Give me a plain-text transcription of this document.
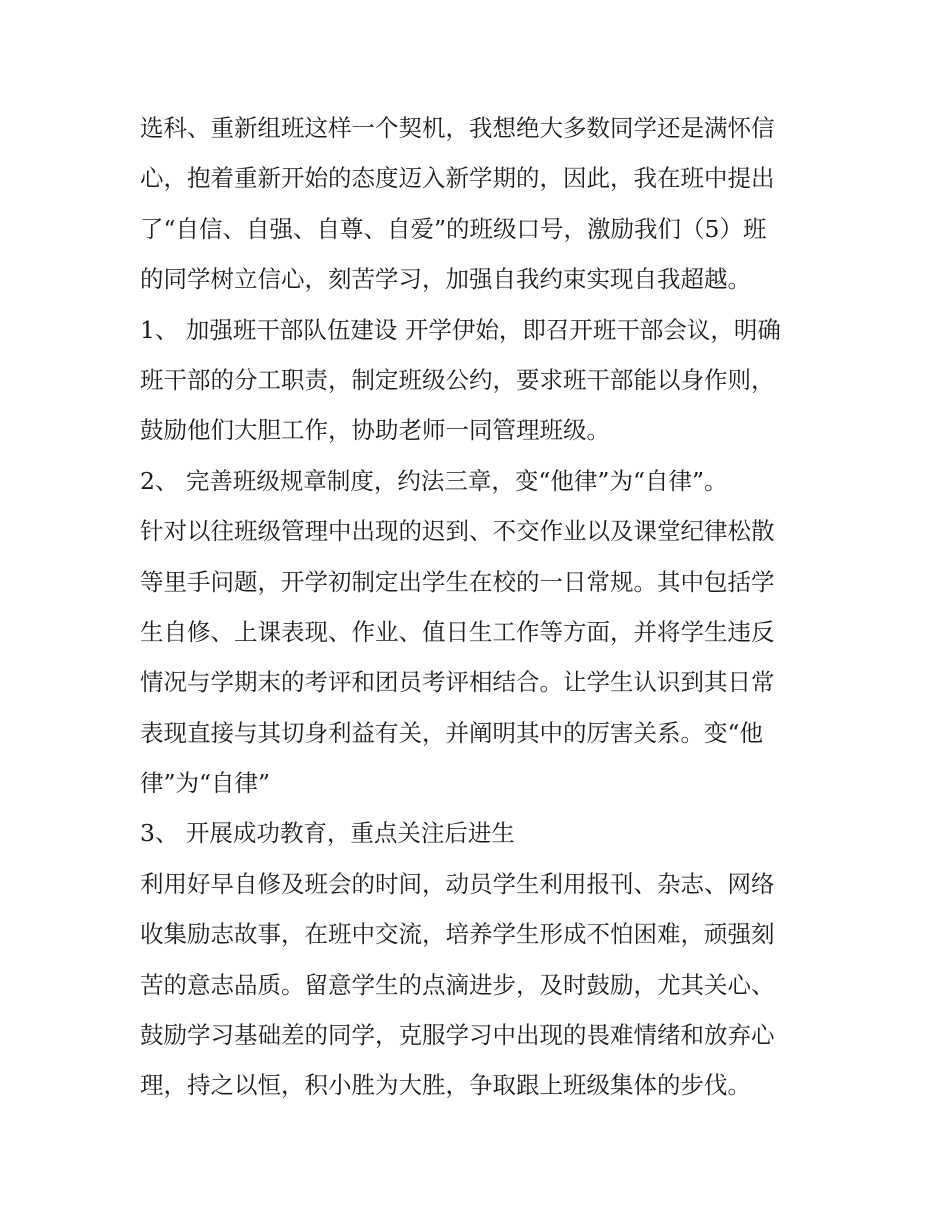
选科、重新组班这样一个契机，我想绝大多数同学还是满怀信
心，抱着重新开始的态度迈入新学期的，因此，我在班中提出
了“自信、自强、自尊、自爱”的班级口号，激励我们（5）班
的同学树立信心，刻苦学习，加强自我约束实现自我超越。
1、 加强班干部队伍建设 开学伊始，即召开班干部会议，明确
班干部的分工职责，制定班级公约，要求班干部能以身作则，
鼓励他们大胆工作，协助老师一同管理班级。
2、 完善班级规章制度，约法三章，变“他律”为“自律”。
针对以往班级管理中出现的迟到、不交作业以及课堂纪律松散
等里手问题，开学初制定出学生在校的一日常规。其中包括学
生自修、上课表现、作业、值日生工作等方面，并将学生违反
情况与学期末的考评和团员考评相结合。让学生认识到其日常
表现直接与其切身利益有关，并阐明其中的厉害关系。变“他
律”为“自律”
3、 开展成功教育，重点关注后进生
利用好早自修及班会的时间，动员学生利用报刊、杂志、网络
收集励志故事，在班中交流，培养学生形成不怕困难，顽强刻
苦的意志品质。留意学生的点滴进步，及时鼓励，尤其关心、
鼓励学习基础差的同学，克服学习中出现的畏难情绪和放弃心
理，持之以恒，积小胜为大胜，争取跟上班级集体的步伐。
